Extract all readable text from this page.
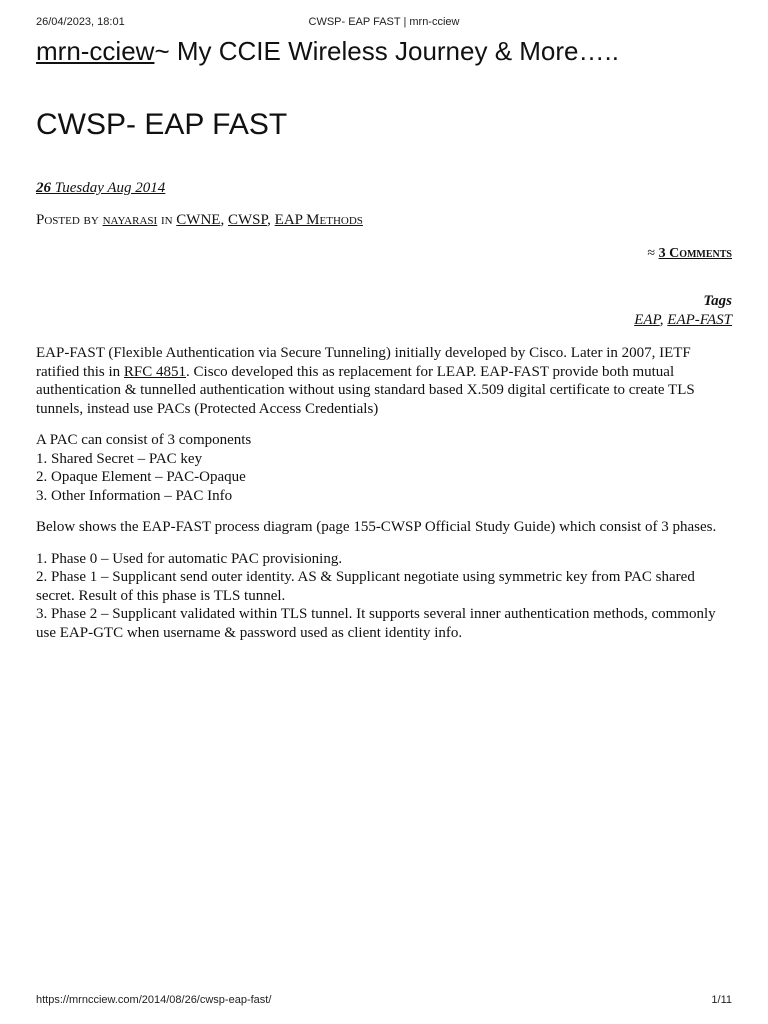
26/04/2023, 18:01	CWSP- EAP FAST | mrn-cciew
mrn-cciew~ My CCIE Wireless Journey & More…..
CWSP- EAP FAST
26 Tuesday Aug 2014
Posted by nayarasi in CWNE, CWSP, EAP Methods
≈ 3 Comments
Tags
EAP, EAP-FAST

EAP-FAST (Flexible Authentication via Secure Tunneling) initially developed by Cisco. Later in 2007, IETF ratified this in RFC 4851. Cisco developed this as replacement for LEAP. EAP-FAST provide both mutual authentication & tunnelled authentication without using standard based X.509 digital certificate to create TLS tunnels, instead use PACs (Protected Access Credentials)

A PAC can consist of 3 components
1. Shared Secret – PAC key
2. Opaque Element – PAC-Opaque
3. Other Information – PAC Info

Below shows the EAP-FAST process diagram (page 155-CWSP Official Study Guide) which consist of 3 phases.

1. Phase 0 – Used for automatic PAC provisioning.
2. Phase 1 – Supplicant send outer identity. AS & Supplicant negotiate using symmetric key from PAC shared secret. Result of this phase is TLS tunnel.
3. Phase 2 – Supplicant validated within TLS tunnel. It supports several inner authentication methods, commonly use EAP-GTC when username & password used as client identity info.

https://mrncciew.com/2014/08/26/cwsp-eap-fast/	1/11
